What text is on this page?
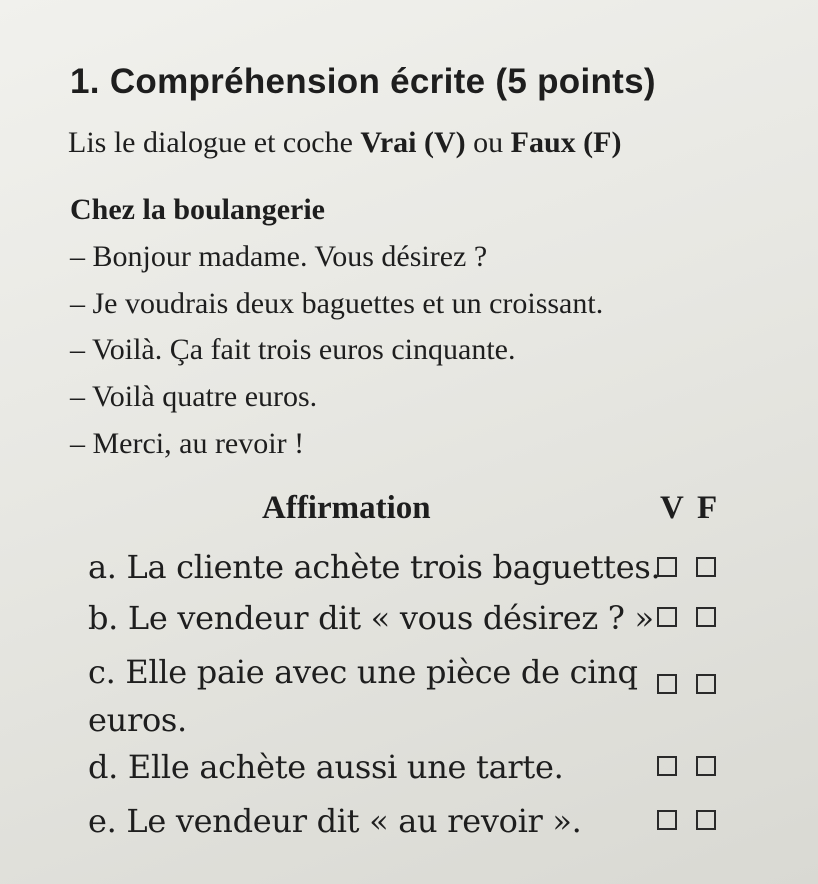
1. Compréhension écrite (5 points)
Lis le dialogue et coche Vrai (V) ou Faux (F)
Chez la boulangerie
– Bonjour madame. Vous désirez ?
– Je voudrais deux baguettes et un croissant.
– Voilà. Ça fait trois euros cinquante.
– Voilà quatre euros.
– Merci, au revoir !
Affirmation	V F
a. La cliente achète trois baguettes.
b. Le vendeur dit « vous désirez ? »
c. Elle paie avec une pièce de cinq euros.
d. Elle achète aussi une tarte.
e. Le vendeur dit « au revoir ».
